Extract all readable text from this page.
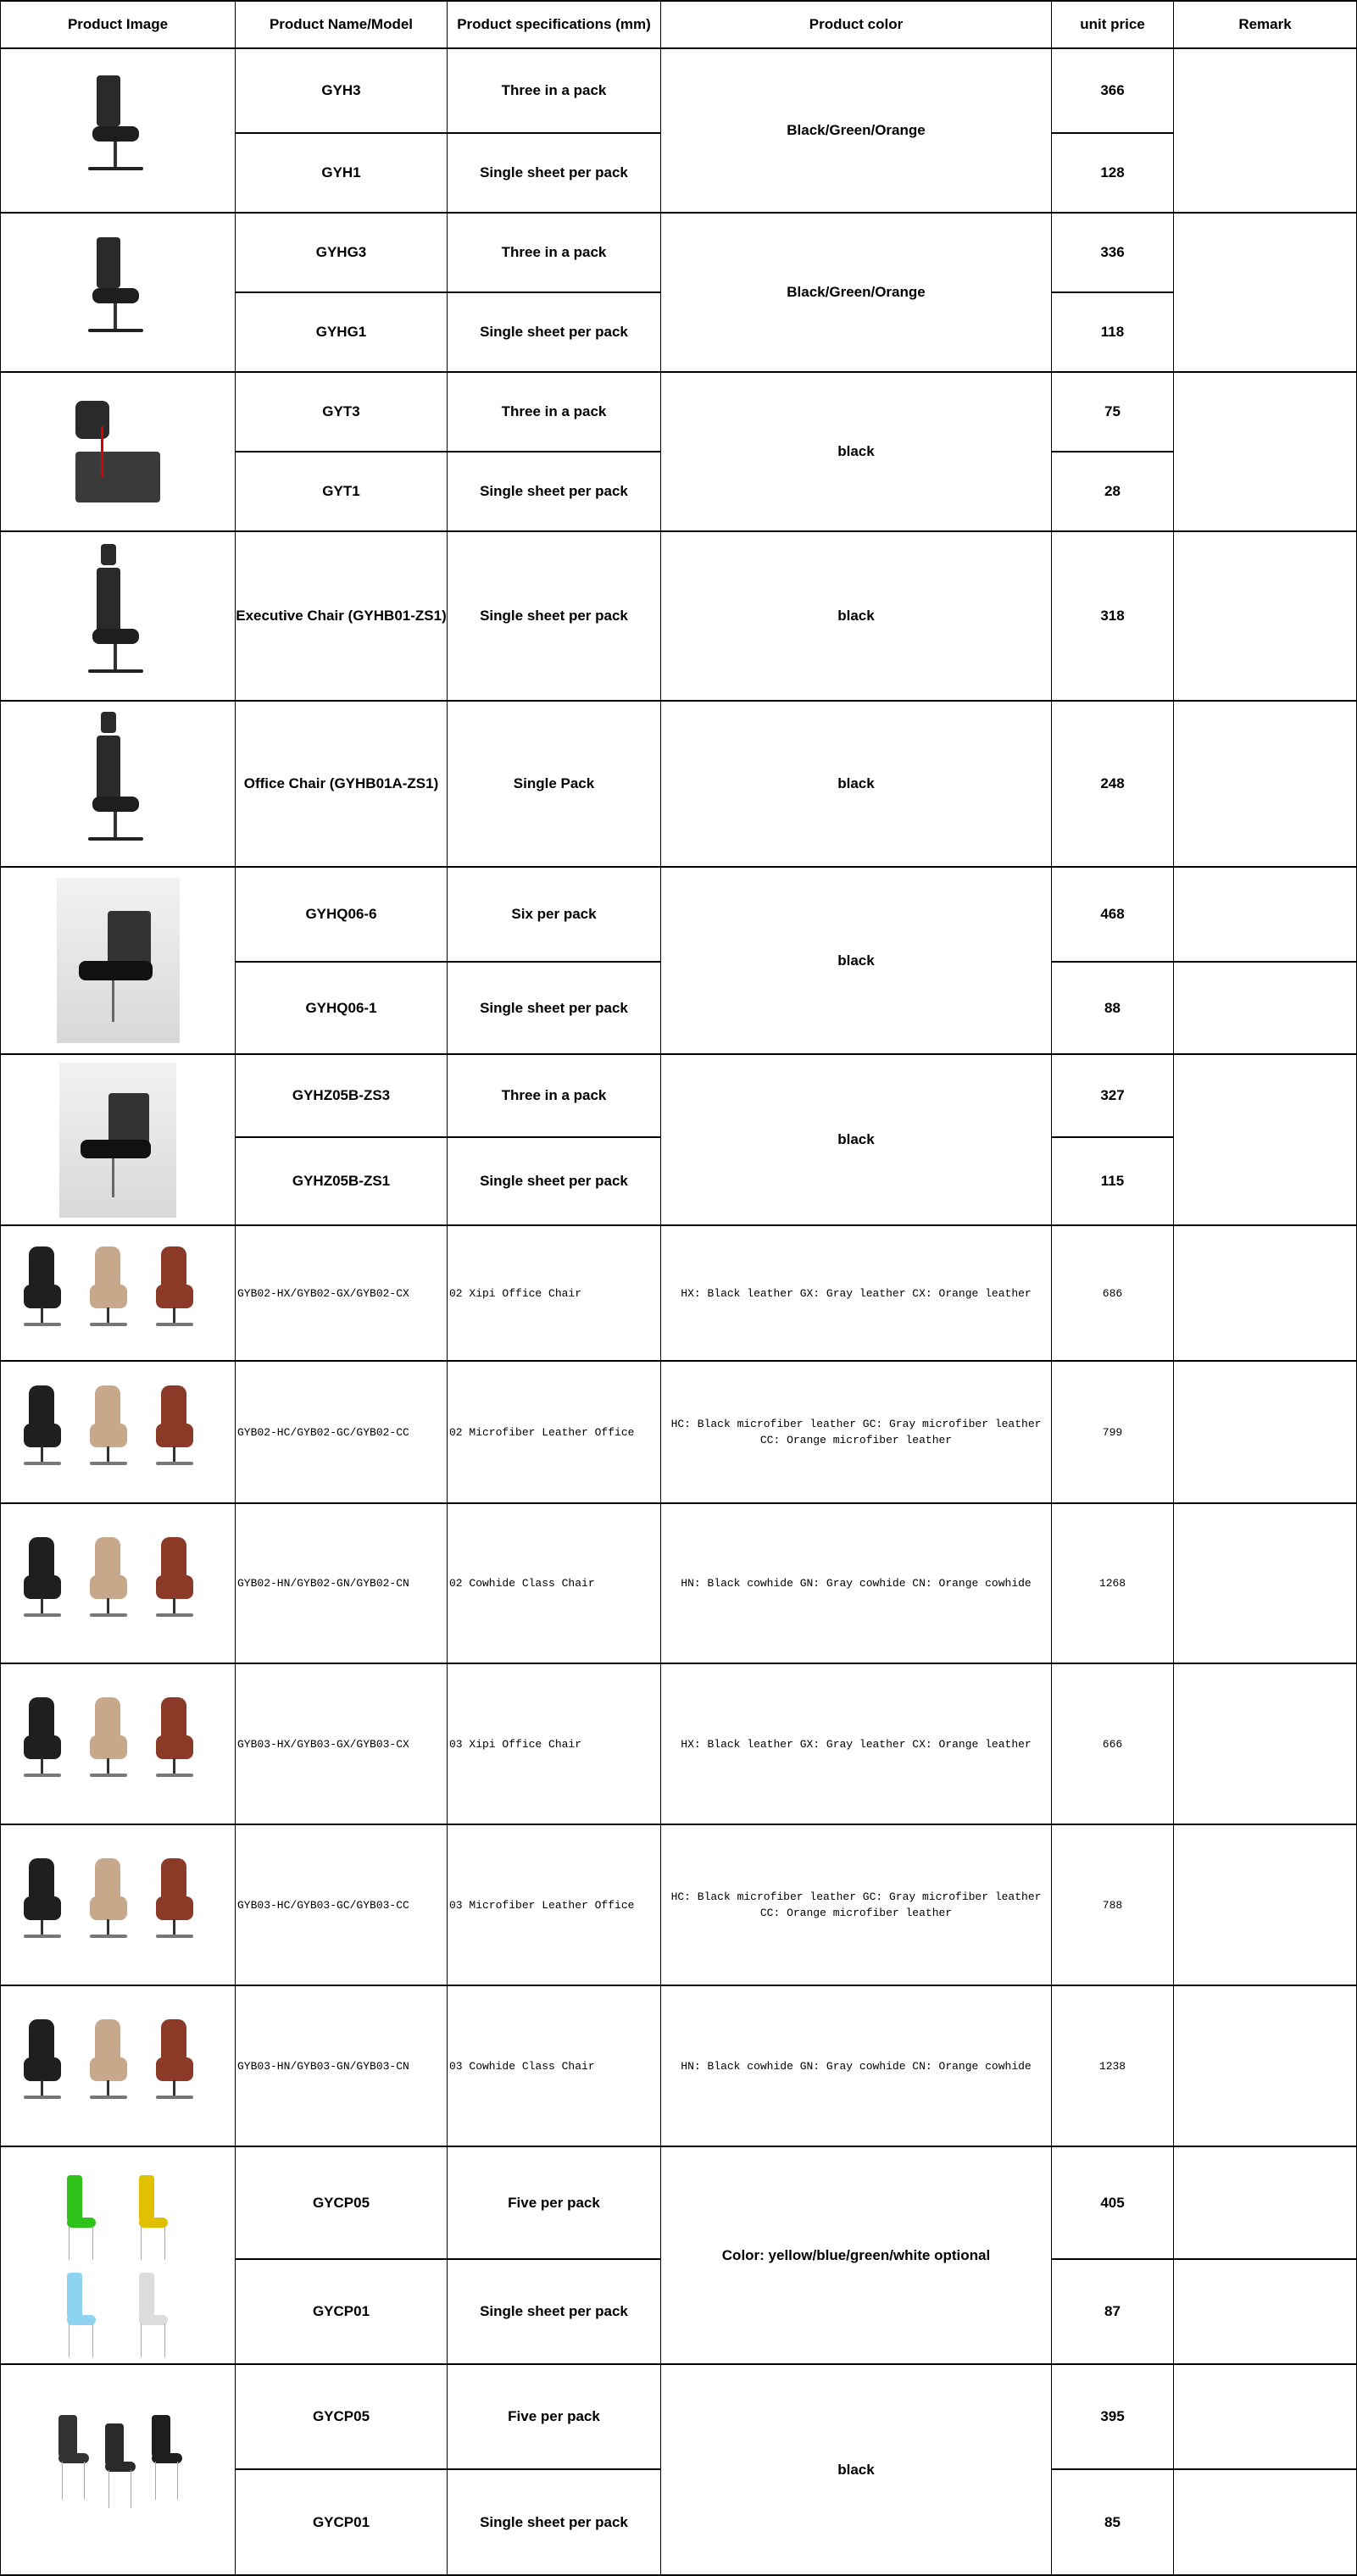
Product Image	Product Name/Model	Product specifications (mm)	Product color	unit price	Remark
Black/Green/Orange
GYH3	Three in a pack	366
GYH1	Single sheet per pack	128
Black/Green/Orange
GYHG3	Three in a pack	336
GYHG1	Single sheet per pack	118
black
GYT3	Three in a pack	75
GYT1	Single sheet per pack	28
black
Executive Chair (GYHB01-ZS1)	Single sheet per pack	318
black
Office Chair (GYHB01A-ZS1)	Single Pack	248
black
GYHQ06-6	Six per pack	468
GYHQ06-1	Single sheet per pack	88
black
GYHZ05B-ZS3	Three in a pack	327
GYHZ05B-ZS1	Single sheet per pack	115
HX: Black leather GX: Gray leather CX: Orange leather
GYB02-HX/GYB02-GX/GYB02-CX	02 Xipi Office Chair	686
HC: Black microfiber leather GC: Gray microfiber leather CC: Orange microfiber leather
GYB02-HC/GYB02-GC/GYB02-CC	02 Microfiber Leather Office	799
HN: Black cowhide GN: Gray cowhide CN: Orange cowhide
GYB02-HN/GYB02-GN/GYB02-CN	02 Cowhide Class Chair	1268
HX: Black leather GX: Gray leather CX: Orange leather
GYB03-HX/GYB03-GX/GYB03-CX	03 Xipi Office Chair	666
HC: Black microfiber leather GC: Gray microfiber leather CC: Orange microfiber leather
GYB03-HC/GYB03-GC/GYB03-CC	03 Microfiber Leather Office	788
HN: Black cowhide GN: Gray cowhide CN: Orange cowhide
GYB03-HN/GYB03-GN/GYB03-CN	03 Cowhide Class Chair	1238
Color: yellow/blue/green/white optional
GYCP05	Five per pack	405
GYCP01	Single sheet per pack	87
black
GYCP05	Five per pack	395
GYCP01	Single sheet per pack	85
